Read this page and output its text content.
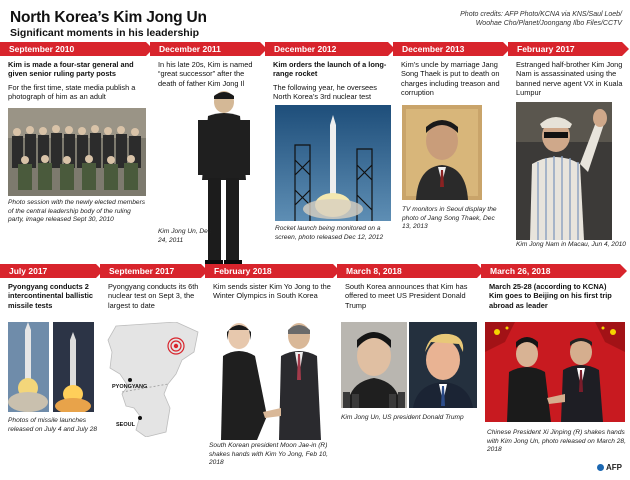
North Korea’s Kim Jong Un
Significant moments in his leadership
Photo credits: AFP Photo/KCNA via KNS/Saul Loeb/ Woohae Cho/Planet/Joongang Ilbo Files/CCTV
September 2010
Kim is made a four-star general and given senior ruling party posts
For the first time, state media publish a photograph of him as an adult
Photo session with the newly elected members of the central leadership body of the ruling party, image released Sept 30, 2010
December 2011
In his late 20s, Kim is named “great successor” after the death of father Kim Jong Il
Kim Jong Un, Dec 24, 2011
December 2012
Kim orders the launch of a long-range rocket
The following year, he oversees North Korea’s 3rd nuclear test
Rocket launch being monitored on a screen, photo released Dec 12, 2012
December 2013
Kim’s uncle by marriage Jang Song Thaek is put to death on charges including treason and corruption
TV monitors in Seoul display the photo of Jang Song Thaek, Dec 13, 2013
February 2017
Estranged half-brother Kim Jong Nam is assassinated using the banned nerve agent VX in Kuala Lumpur
Kim Jong Nam in Macau, Jun 4, 2010
July 2017
Pyongyang conducts 2 intercontinental ballistic missile tests
Photos of missile launches released on July 4 and July 28
September 2017
Pyongyang conducts its 6th nuclear test on Sept 3, the largest to date
PYONGYANG
SEOUL
February 2018
Kim sends sister Kim Yo Jong to the Winter Olympics in South Korea
South Korean president Moon Jae-in (R) shakes hands with Kim Yo Jong, Feb 10, 2018
March 8, 2018
South Korea announces that Kim has offered to meet US President Donald Trump
Kim Jong Un, US president Donald Trump
March 26, 2018
March 25-28 (according to KCNA)
Kim goes to Beijing on his first trip abroad as leader
Chinese President Xi Jinping (R) shakes hands with Kim Jong Un, photo released on March 28, 2018
AFP
